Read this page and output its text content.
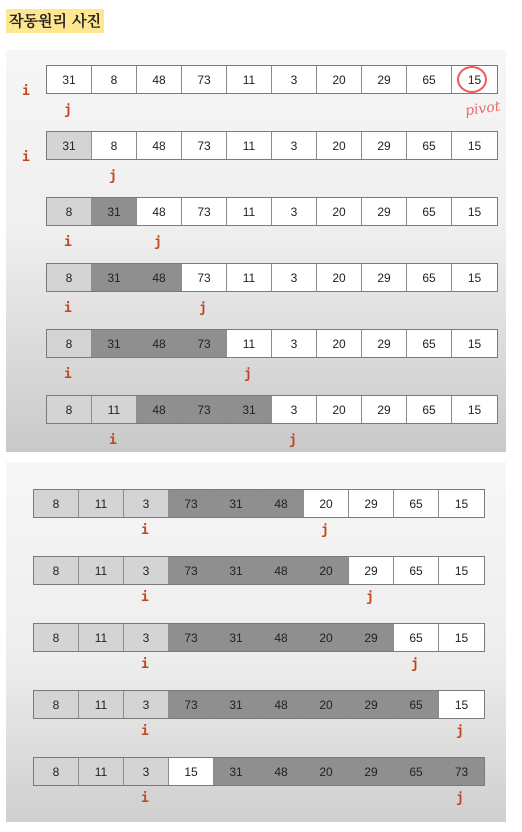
작동원리 사진
31	8	48	73	11	3	20	29	65	15
i
j
31	8	48	73	11	3	20	29	65	15
i
j
8	31	48	73	11	3	20	29	65	15
i	j
8	31	48	73	11	3	20	29	65	15
i	j
8	31	48	73	11	3	20	29	65	15
i	j
8	11	48	73	31	3	20	29	65	15
i	j
pivot
8	11	3	73	31	48	20	29	65	15
i	j
8	11	3	73	31	48	20	29	65	15
i	j
8	11	3	73	31	48	20	29	65	15
i	j
8	11	3	73	31	48	20	29	65	15
i	j
8	11	3	15	31	48	20	29	65	73
i	j
